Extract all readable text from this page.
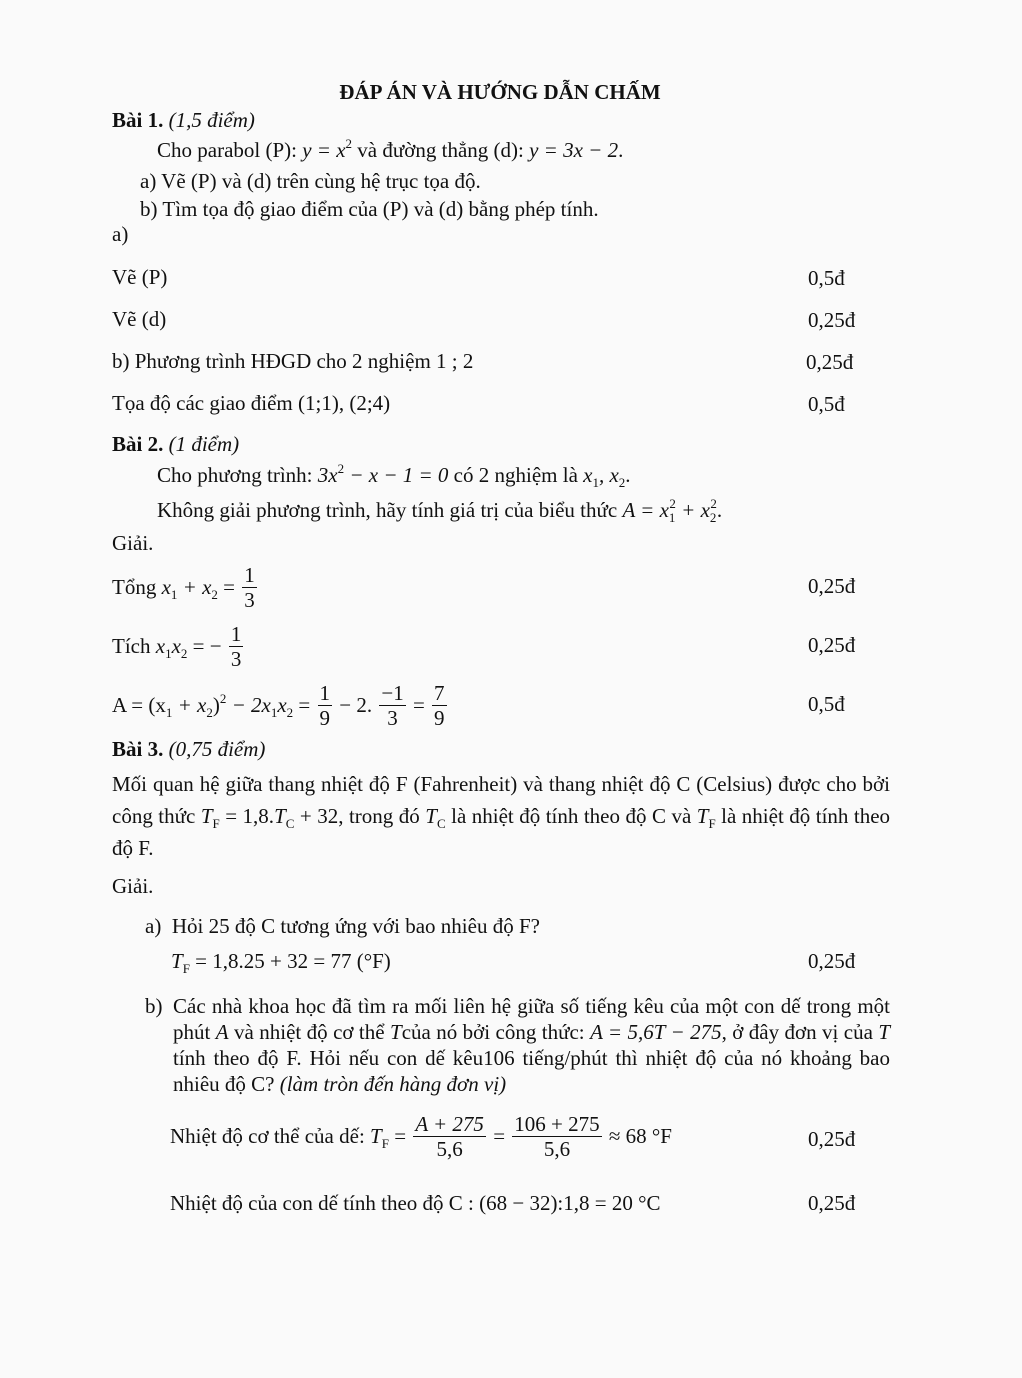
ĐÁP ÁN VÀ HƯỚNG DẪN CHẤM
Bài 1. (1,5 điểm)
Cho parabol (P): $y = x^2$ và đường thẳng (d): y = 3x − 2.
a) Vẽ (P) và (d) trên cùng hệ trục tọa độ.
b) Tìm tọa độ giao điểm của (P) và (d) bằng phép tính.
a)
Vẽ (P)	0,5đ
Vẽ (d)	0,25đ
b) Phương trình HĐGD cho 2 nghiệm 1 ; 2	0,25đ
Tọa độ các giao điểm (1;1), (2;4)	0,5đ
Bài 2. (1 điểm)
Cho phương trình: $3x^2 - x - 1 = 0$ có 2 nghiệm là $x_1$, $x_2$.
Không giải phương trình, hãy tính giá trị của biểu thức $A = x_1^2 + x_2^2$.
Giải.
Tổng $x_1 + x_2 = \frac{1}{3}$	0,25đ
Tích $x_1x_2$ = − $\frac{1}{3}$	0,25đ
$A = (x_1 + x_2)^2 - 2x_1x_2 = \frac{1}{9} - 2$. $\frac{-1}{3} = \frac{7}{9}$	0,5đ
Bài 3. (0,75 điểm)
Mối quan hệ giữa thang nhiệt độ F (Fahrenheit) và thang nhiệt độ C (Celsius) được cho bởi công thức $T_F = 1,8.T_C + 32$, trong đó $T_C$ là nhiệt độ tính theo độ C và $T_F$ là nhiệt độ tính theo độ F.
Giải.
a) Hỏi 25 độ C tương ứng với bao nhiêu độ F?
$T_F = 1,8.25 + 32 = 77$ (°F)	0,25đ
b) Các nhà khoa học đã tìm ra mối liên hệ giữa số tiếng kêu của một con dế trong một phút A và nhiệt độ cơ thể Tcủa nó bởi công thức: A = 5,6T − 275, ở đây đơn vị của T tính theo độ F. Hỏi nếu con dế kêu106 tiếng/phút thì nhiệt độ của nó khoảng bao nhiêu độ C? (làm tròn đến hàng đơn vị)
Nhiệt độ cơ thể của dế: $T_F = \frac{A + 275}{5,6} = \frac{106 + 275}{5,6} \approx 68$ °F	0,25đ
Nhiệt độ của con dế tính theo độ C : (68 − 32):1,8 = 20 °C	0,25đ
